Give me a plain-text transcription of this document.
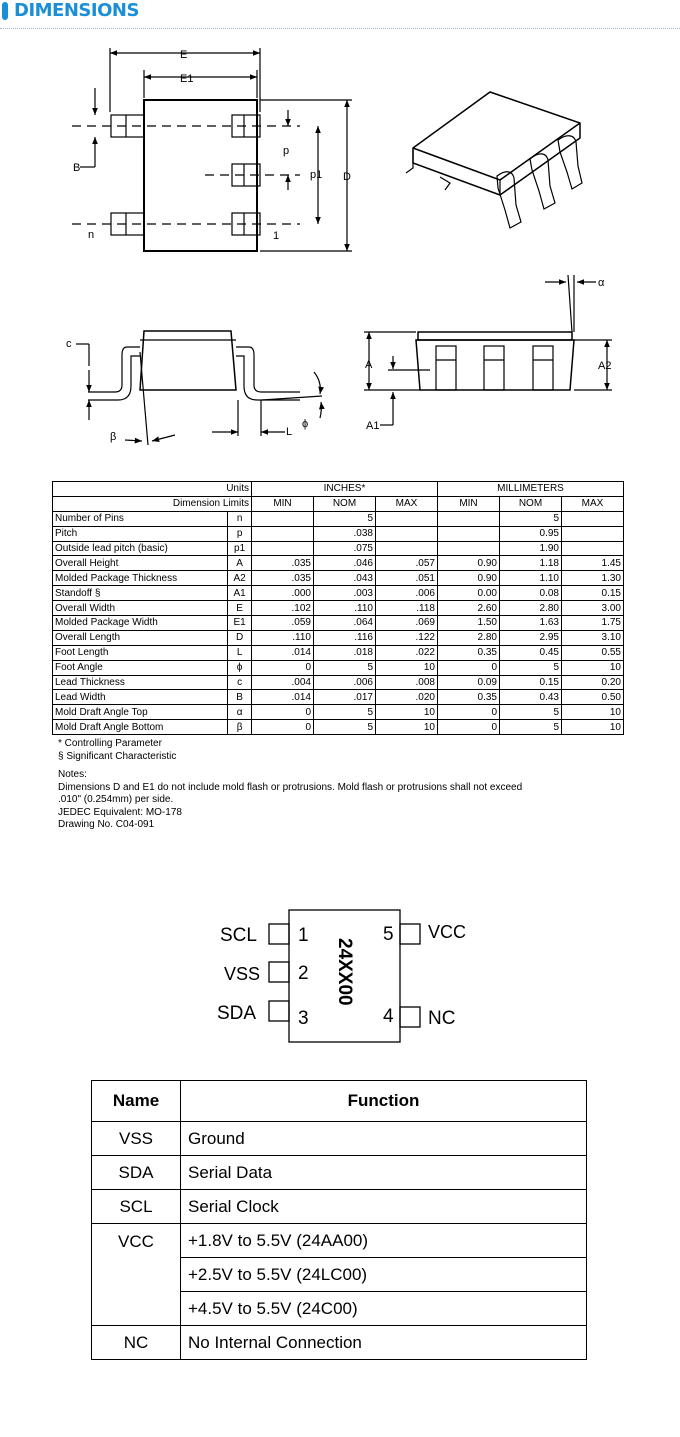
DIMENSIONS
E
E1
B
n
p
p1 D
1
α
c
β	L
ϕ
A	A2
A1
Units		INCHES*			MILLIMETERS		
Dimension Limits		MIN	NOM	MAX	MIN	NOM	MAX
Number of Pins	n		5			5	
Pitch	p		.038			0.95	
Outside lead pitch (basic)	p1		.075			1.90	
Overall Height	A	.035	.046	.057	0.90	1.18	1.45
Molded Package Thickness	A2	.035	.043	.051	0.90	1.10	1.30
Standoff §	A1	.000	.003	.006	0.00	0.08	0.15
Overall Width	E	.102	.110	.118	2.60	2.80	3.00
Molded Package Width	E1	.059	.064	.069	1.50	1.63	1.75
Overall Length	D	.110	.116	.122	2.80	2.95	3.10
Foot Length	L	.014	.018	.022	0.35	0.45	0.55
Foot Angle	ϕ	0	5	10	0	5	10
Lead Thickness	c	.004	.006	.008	0.09	0.15	0.20
Lead Width	B	.014	.017	.020	0.35	0.43	0.50
Mold Draft Angle Top	α	0	5	10	0	5	10
Mold Draft Angle Bottom	β	0	5	10	0	5	10
* Controlling Parameter
§ Significant Characteristic
Notes:
Dimensions D and E1 do not include mold flash or protrusions. Mold flash or protrusions shall not exceed
.010" (0.254mm) per side.
JEDEC Equivalent: MO-178
Drawing No. C04-091
1
2
3	4
5
SCL
VSS
SDA	NC
VCC
24XX00
Name	Function
VSS	Ground
SDA	Serial Data
SCL	Serial Clock
VCC	+1.8V to 5.5V (24AA00)
	+2.5V to 5.5V (24LC00)
	+4.5V to 5.5V (24C00)
NC	No Internal Connection
